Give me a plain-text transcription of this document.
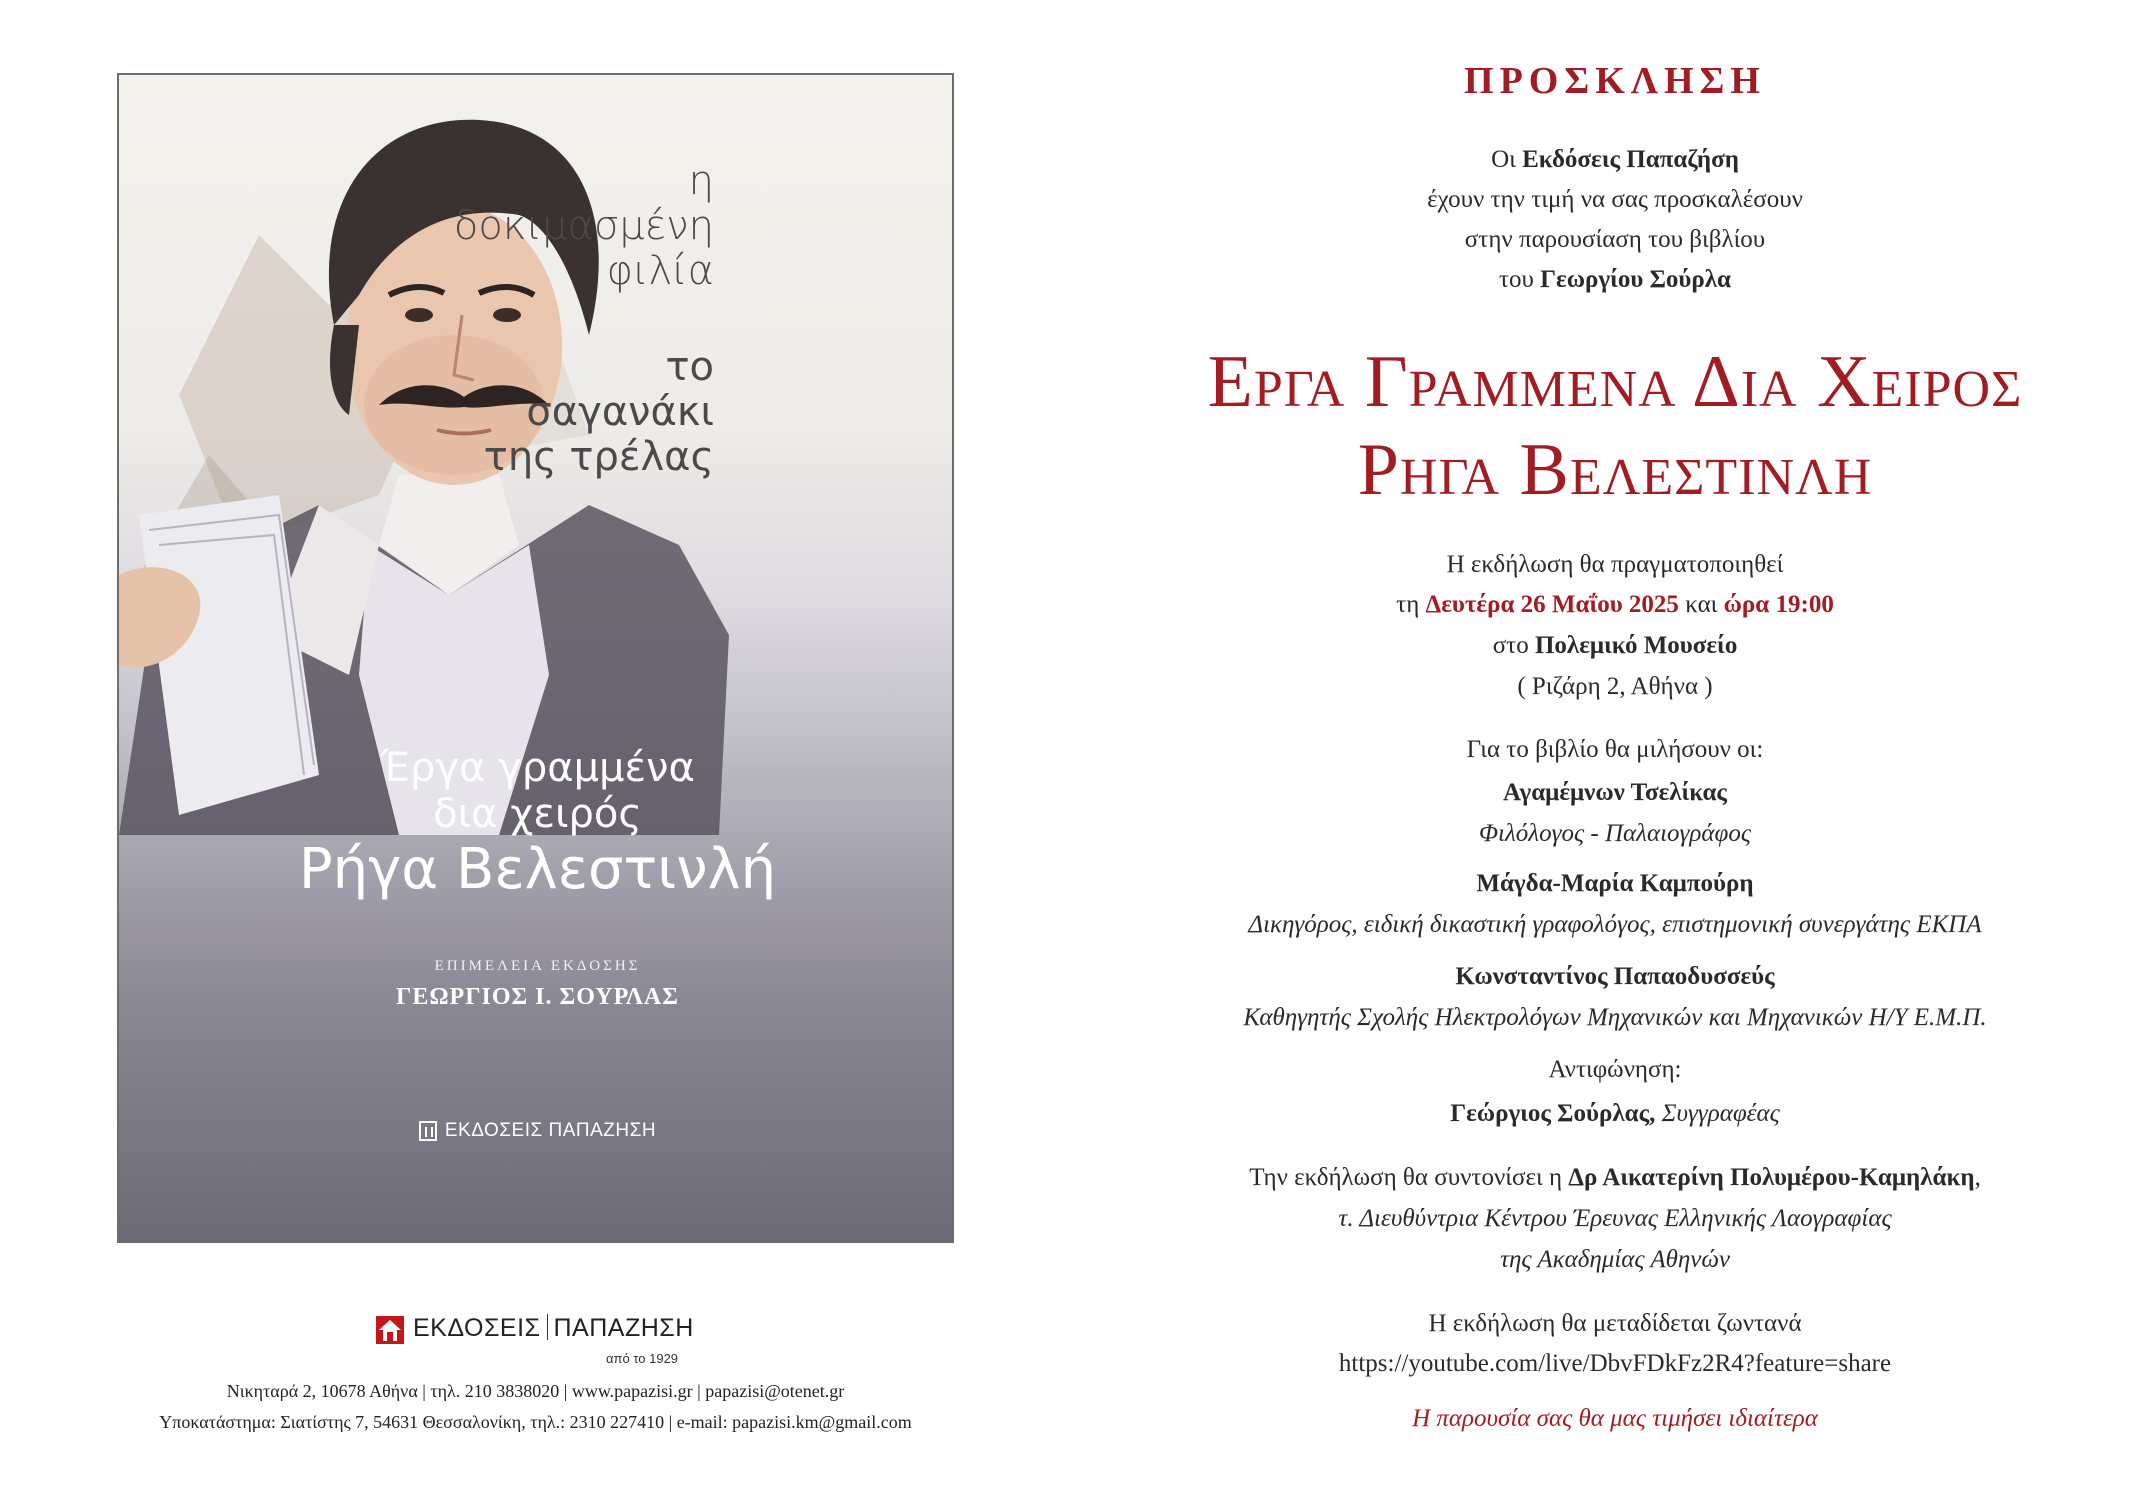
η
δοκιμασμένη
φιλία
το
σαγανάκι
της τρέλας
Έργα γραμμένα
δια χειρός
Ρήγα Βελεστινλή
ΕΠΙΜΕΛΕΙΑ ΕΚΔΟΣΗΣ
ΓΕΩΡΓΙΟΣ Ι. ΣΟΥΡΛΑΣ
ΕΚΔΟΣΕΙΣ ΠΑΠΑΖΗΣΗ
ΕΚΔΟΣΕΙΣ ΠΑΠΑΖΗΣΗ
από το 1929
Νικηταρά 2, 10678 Αθήνα | τηλ. 210 3838020 | www.papazisi.gr | papazisi@otenet.gr
Υποκατάστημα: Σιατίστης 7, 54631 Θεσσαλονίκη, τηλ.: 2310 227410 | e-mail: papazisi.km@gmail.com
ΠΡΟΣΚΛΗΣΗ
Οι Εκδόσεις Παπαζήση
έχουν την τιμή να σας προσκαλέσουν
στην παρουσίαση του βιβλίου
του Γεωργίου Σούρλα
Εργα Γραμμενα Δια Χειρος
Ρηγα Βελεστινλη
Η εκδήλωση θα πραγματοποιηθεί
τη Δευτέρα 26 Μαΐου 2025 και ώρα 19:00
στο Πολεμικό Μουσείο
( Ριζάρη 2, Αθήνα )
Για το βιβλίο θα μιλήσουν οι:
Αγαμέμνων Τσελίκας
Φιλόλογος - Παλαιογράφος
Μάγδα-Μαρία Καμπούρη
Δικηγόρος, ειδική δικαστική γραφολόγος, επιστημονική συνεργάτης ΕΚΠΑ
Κωνσταντίνος Παπαοδυσσεύς
Καθηγητής Σχολής Ηλεκτρολόγων Μηχανικών και Μηχανικών Η/Υ Ε.Μ.Π.
Αντιφώνηση:
Γεώργιος Σούρλας, Συγγραφέας
Την εκδήλωση θα συντονίσει η Δρ Αικατερίνη Πολυμέρου-Καμηλάκη,
τ. Διευθύντρια Κέντρου Έρευνας Ελληνικής Λαογραφίας
της Ακαδημίας Αθηνών
Η εκδήλωση θα μεταδίδεται ζωντανά
https://youtube.com/live/DbvFDkFz2R4?feature=share
Η παρουσία σας θα μας τιμήσει ιδιαίτερα
